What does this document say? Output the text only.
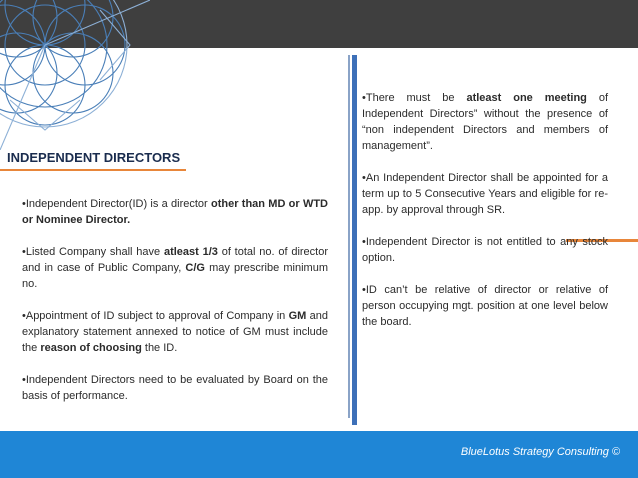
INDEPENDENT DIRECTORS

•Independent Director(ID) is a director other than MD or WTD or Nominee Director.

•Listed Company shall have atleast 1/3 of total no. of director and in case of Public Company, C/G may prescribe minimum no.

•Appointment of ID subject to approval of Company in GM and explanatory statement annexed to notice of GM must include the reason of choosing the ID.

•Independent Directors need to be evaluated by Board on the basis of performance.

•There must be atleast one meeting of Independent Directors” without the presence of “non independent Directors and members of management”.

•An Independent Director shall be appointed for a term up to 5 Consecutive Years and eligible for re-app. by approval through SR.

•Independent Director is not entitled to any stock option.

•ID can’t be relative of director or relative of person occupying mgt. position at one level below the board.

BlueLotus Strategy Consulting ©
